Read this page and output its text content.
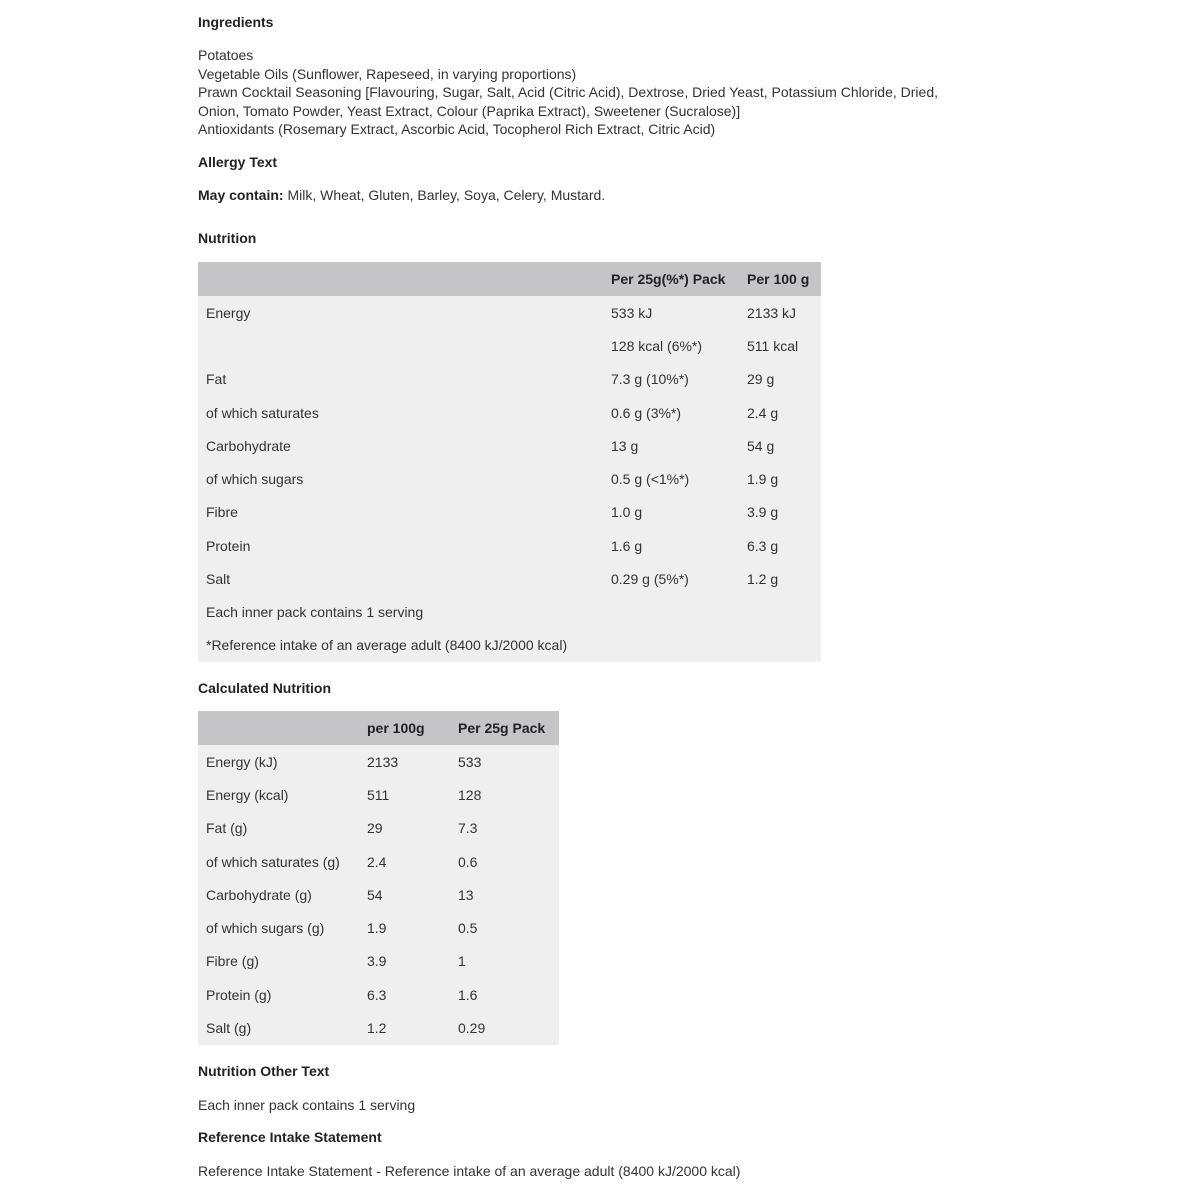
Ingredients
Potatoes
Vegetable Oils (Sunflower, Rapeseed, in varying proportions)
Prawn Cocktail Seasoning [Flavouring, Sugar, Salt, Acid (Citric Acid), Dextrose, Dried Yeast, Potassium Chloride, Dried,
Onion, Tomato Powder, Yeast Extract, Colour (Paprika Extract), Sweetener (Sucralose)]
Antioxidants (Rosemary Extract, Ascorbic Acid, Tocopherol Rich Extract, Citric Acid)
Allergy Text
May contain: Milk, Wheat, Gluten, Barley, Soya, Celery, Mustard.
Nutrition
	Per 25g(%*) Pack	Per 100 g
Energy	533 kJ	2133 kJ
	128 kcal (6%*)	511 kcal
Fat	7.3 g (10%*)	29 g
of which saturates	0.6 g (3%*)	2.4 g
Carbohydrate	13 g	54 g
of which sugars	0.5 g (<1%*)	1.9 g
Fibre	1.0 g	3.9 g
Protein	1.6 g	6.3 g
Salt	0.29 g (5%*)	1.2 g
Each inner pack contains 1 serving		
*Reference intake of an average adult (8400 kJ/2000 kcal)		
Calculated Nutrition
	per 100g	Per 25g Pack
Energy (kJ)	2133	533
Energy (kcal)	511	128
Fat (g)	29	7.3
of which saturates (g)	2.4	0.6
Carbohydrate (g)	54	13
of which sugars (g)	1.9	0.5
Fibre (g)	3.9	1
Protein (g)	6.3	1.6
Salt (g)	1.2	0.29
Nutrition Other Text
Each inner pack contains 1 serving
Reference Intake Statement
Reference Intake Statement - Reference intake of an average adult (8400 kJ/2000 kcal)
